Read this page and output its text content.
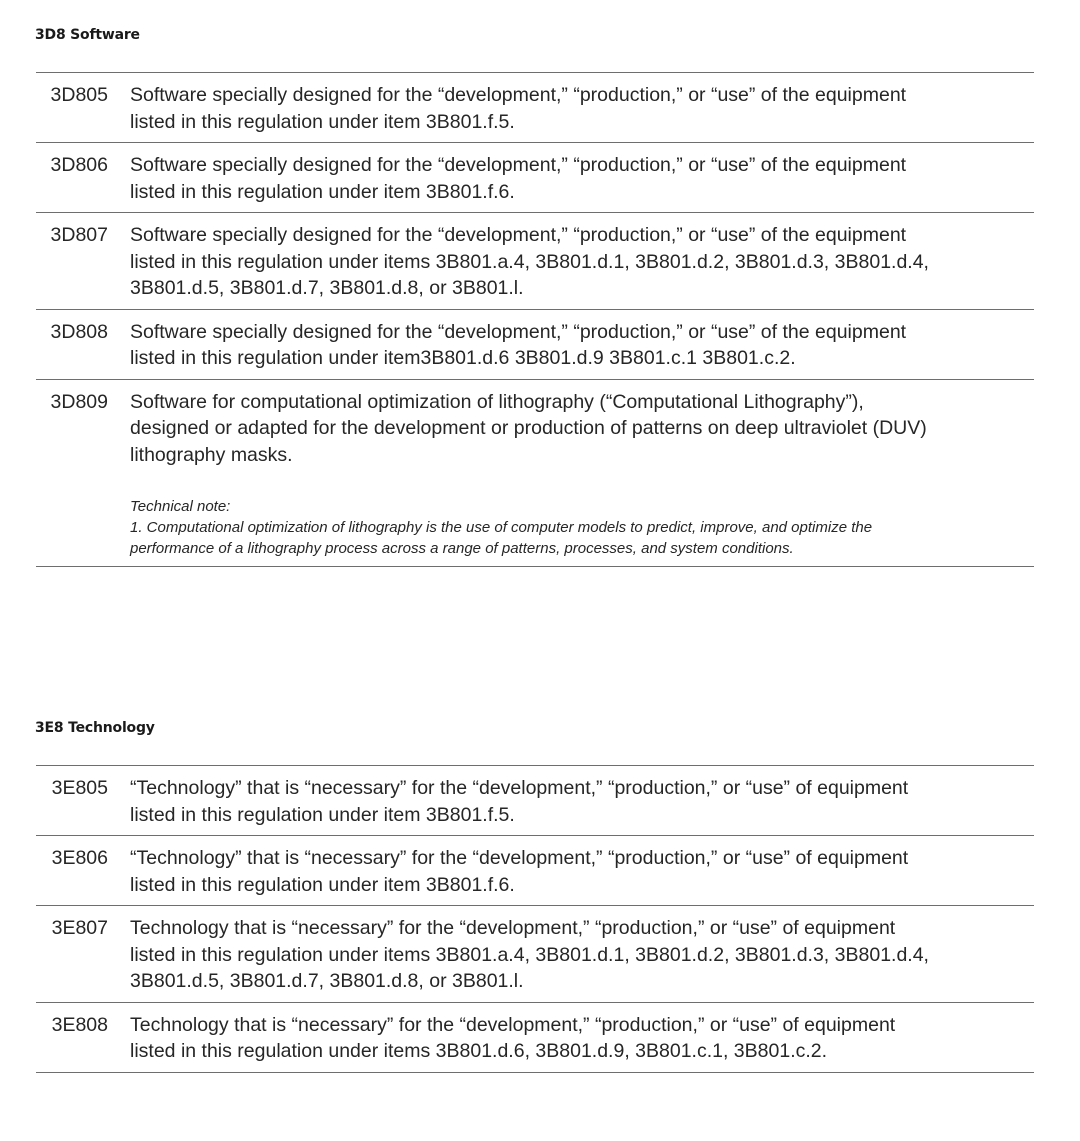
3D8 Software
3D805	Software specially designed for the “development,” “production,” or “use” of the equipment
listed in this regulation under item 3B801.f.5.
3D806	Software specially designed for the “development,” “production,” or “use” of the equipment
listed in this regulation under item 3B801.f.6.
3D807	Software specially designed for the “development,” “production,” or “use” of the equipment
listed in this regulation under items 3B801.a.4, 3B801.d.1, 3B801.d.2, 3B801.d.3, 3B801.d.4,
3B801.d.5, 3B801.d.7, 3B801.d.8, or 3B801.l.
3D808	Software specially designed for the “development,” “production,” or “use” of the equipment
listed in this regulation under item3B801.d.6 3B801.d.9 3B801.c.1 3B801.c.2.
3D809	Software for computational optimization of lithography (“Computational Lithography”),
designed or adapted for the development or production of patterns on deep ultraviolet (DUV)
lithography masks.
Technical note:
1. Computational optimization of lithography is the use of computer models to predict, improve, and optimize the
performance of a lithography process across a range of patterns, processes, and system conditions.
3E8 Technology
3E805	“Technology” that is “necessary” for the “development,” “production,” or “use” of equipment
listed in this regulation under item 3B801.f.5.
3E806	“Technology” that is “necessary” for the “development,” “production,” or “use” of equipment
listed in this regulation under item 3B801.f.6.
3E807	Technology that is “necessary” for the “development,” “production,” or “use” of equipment
listed in this regulation under items 3B801.a.4, 3B801.d.1, 3B801.d.2, 3B801.d.3, 3B801.d.4,
3B801.d.5, 3B801.d.7, 3B801.d.8, or 3B801.l.
3E808	Technology that is “necessary” for the “development,” “production,” or “use” of equipment
listed in this regulation under items 3B801.d.6, 3B801.d.9, 3B801.c.1, 3B801.c.2.
